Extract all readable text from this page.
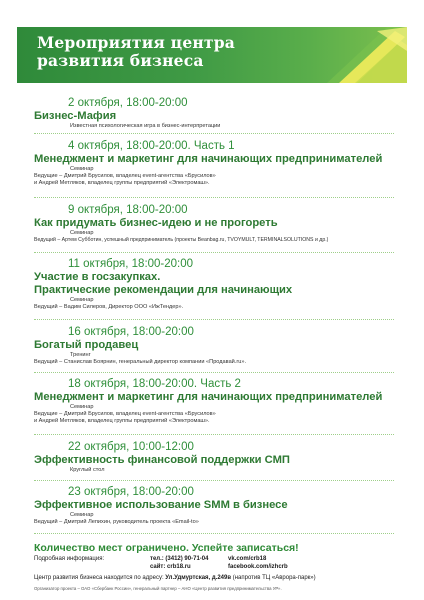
Мероприятия центра
развития бизнеса
2 октября, 18:00-20:00
Бизнес-Мафия
Известная психологическая игра в бизнес-интерпретации
4 октября, 18:00-20:00. Часть 1
Менеджмент и маркетинг для начинающих предпринимателей
Семинар
Ведущие – Дмитрий Брусилов, владелец event-агентства «Брусилов»
и Андрей Метляков, владелец группы предприятий «Электромаш».
9 октября, 18:00-20:00
Как придумать бизнес-идею и не прогореть
Семинар
Ведущий – Артем Субботин, успешный предприниматель (проекты Beanbag.ru, TVOYMULT, TERMINALSOLUTIONS и др.)
11 октября, 18:00-20:00
Участие в госзакупках.
Практические рекомендации для начинающих
Семинар
Ведущий – Вадим Силеров, Директор ООО «ИжТендер».
16 октября, 18:00-20:00
Богатый продавец
Тренинг
Ведущий – Станислав Боярнин, генеральный директор компании «Продавай.ru».
18 октября, 18:00-20:00. Часть 2
Менеджмент и маркетинг для начинающих предпринимателей
Семинар
Ведущие – Дмитрий Брусилов, владелец event-агентства «Брусилов»
и Андрей Метляков, владелец группы предприятий «Электромаш».
22 октября, 10:00-12:00
Эффективность финансовой поддержки СМП
Круглый стол
23 октября, 18:00-20:00
Эффективное использование SMM в бизнесе
Семинар
Ведущий – Дмитрий Лепихин, руководитель проекта «Email-to»
Количество мест ограничено. Успейте записаться!
Подробная информация:	тел.: (3412) 90-71-04	vk.com/crb18
сайт: crb18.ru	facebook.com/izhcrb
Центр развития бизнеса находится по адресу: Ул.Удмуртская, д.249в (напротив ТЦ «Аврора-парк»)
Организатор проекта – ОАО «Сбербанк России», генеральный партнер – АНО «Центр развития предпринимательства УР».
